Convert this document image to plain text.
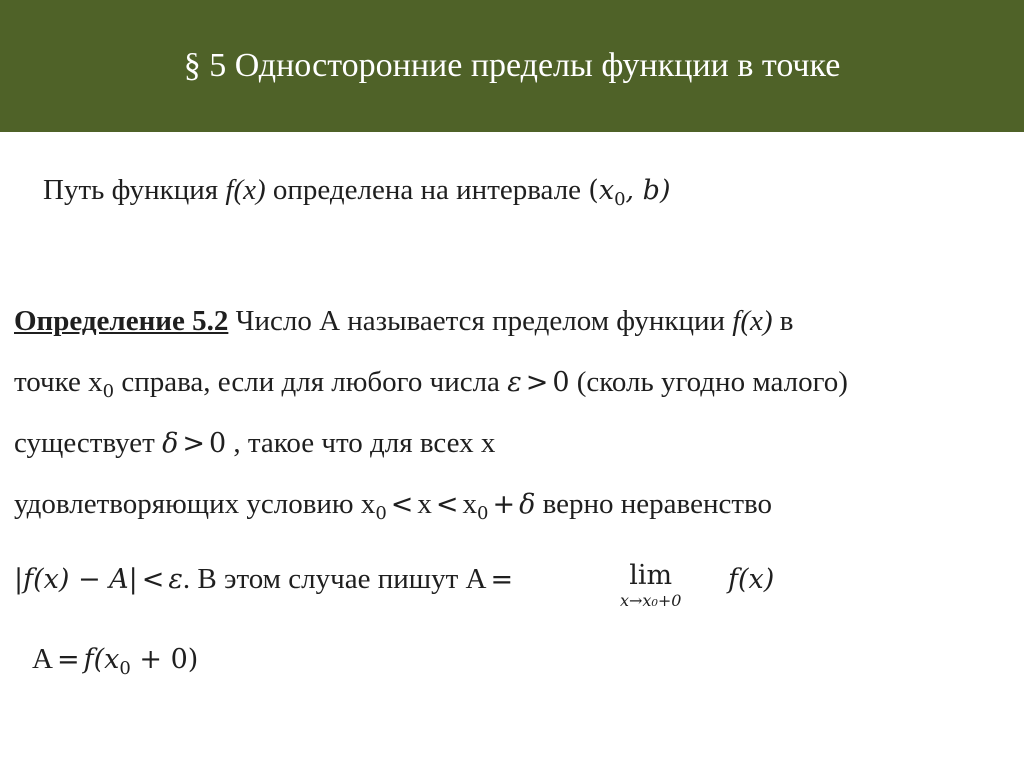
§ 5 Односторонние пределы функции в точке
Путь функция f(x) определена на интервале ($x_0$, b)
Определение 5.2 Число А называется пределом функции f(x) в
точке $x_0$ справа, если для любого числа ε > 0 (сколь угодно малого)
существует δ > 0 , такое что для всех x
удовлетворяющих условию $x_0 < x < x_0 + \delta$ верно неравенство
|f(x) − A| < ε. В этом случае пишут А =	lim
x→x₀+0
f(x)
$A = f(x_0 + 0)$
